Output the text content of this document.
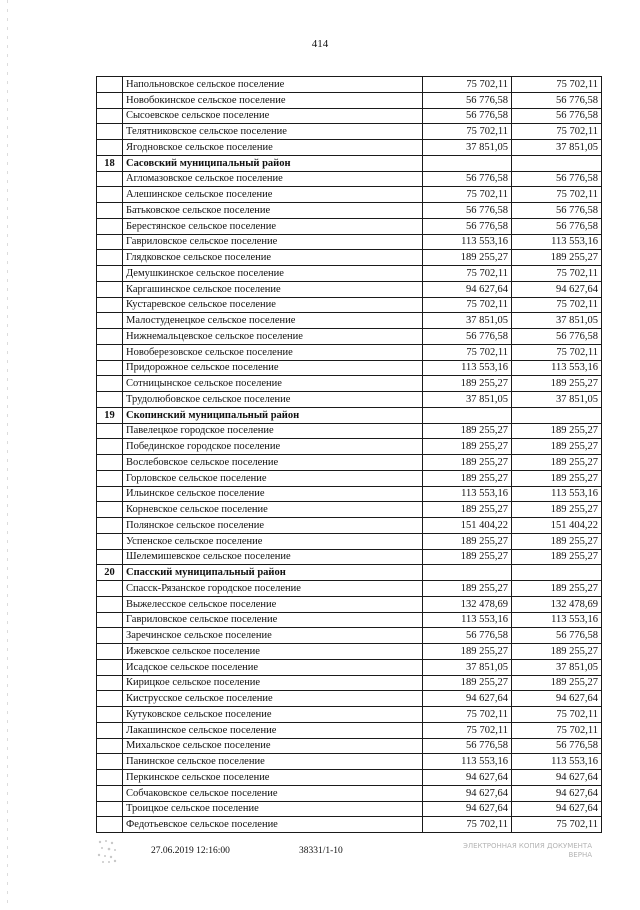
414
	Напольновское сельское поселение	75 702,11	75 702,11
	Новобокинское сельское поселение	56 776,58	56 776,58
	Сысоевское сельское поселение	56 776,58	56 776,58
	Телятниковское сельское поселение	75 702,11	75 702,11
	Ягодновское сельское поселение	37 851,05	37 851,05
18	Сасовский муниципальный район		
	Агломазовское сельское поселение	56 776,58	56 776,58
	Алешинское сельское поселение	75 702,11	75 702,11
	Батьковское сельское поселение	56 776,58	56 776,58
	Берестянское сельское поселение	56 776,58	56 776,58
	Гавриловское сельское поселение	113 553,16	113 553,16
	Глядковское сельское поселение	189 255,27	189 255,27
	Демушкинское сельское поселение	75 702,11	75 702,11
	Каргашинское сельское поселение	94 627,64	94 627,64
	Кустаревское сельское поселение	75 702,11	75 702,11
	Малостуденецкое сельское поселение	37 851,05	37 851,05
	Нижнемальцевское сельское поселение	56 776,58	56 776,58
	Новоберезовское сельское поселение	75 702,11	75 702,11
	Придорожное сельское поселение	113 553,16	113 553,16
	Сотницынское сельское поселение	189 255,27	189 255,27
	Трудолюбовское сельское поселение	37 851,05	37 851,05
19	Скопинский муниципальный район		
	Павелецкое городское поселение	189 255,27	189 255,27
	Побединское городское поселение	189 255,27	189 255,27
	Вослебовское сельское поселение	189 255,27	189 255,27
	Горловское сельское поселение	189 255,27	189 255,27
	Ильинское сельское поселение	113 553,16	113 553,16
	Корневское сельское поселение	189 255,27	189 255,27
	Полянское сельское поселение	151 404,22	151 404,22
	Успенское сельское поселение	189 255,27	189 255,27
	Шелемишевское сельское поселение	189 255,27	189 255,27
20	Спасский муниципальный район		
	Спасск-Рязанское городское поселение	189 255,27	189 255,27
	Выжелесское сельское поселение	132 478,69	132 478,69
	Гавриловское сельское поселение	113 553,16	113 553,16
	Заречинское сельское поселение	56 776,58	56 776,58
	Ижевское сельское поселение	189 255,27	189 255,27
	Исадское сельское поселение	37 851,05	37 851,05
	Кирицкое сельское поселение	189 255,27	189 255,27
	Киструсское сельское поселение	94 627,64	94 627,64
	Кутуковское сельское поселение	75 702,11	75 702,11
	Лакашинское сельское поселение	75 702,11	75 702,11
	Михальское сельское поселение	56 776,58	56 776,58
	Панинское сельское поселение	113 553,16	113 553,16
	Перкинское сельское поселение	94 627,64	94 627,64
	Собчаковское сельское поселение	94 627,64	94 627,64
	Троицкое сельское поселение	94 627,64	94 627,64
	Федотьевское сельское поселение	75 702,11	75 702,11
27.06.2019 12:16:00	38331/1-10	ЭЛЕКТРОННАЯ КОПИЯ ДОКУМЕНТА
ВЕРНА
